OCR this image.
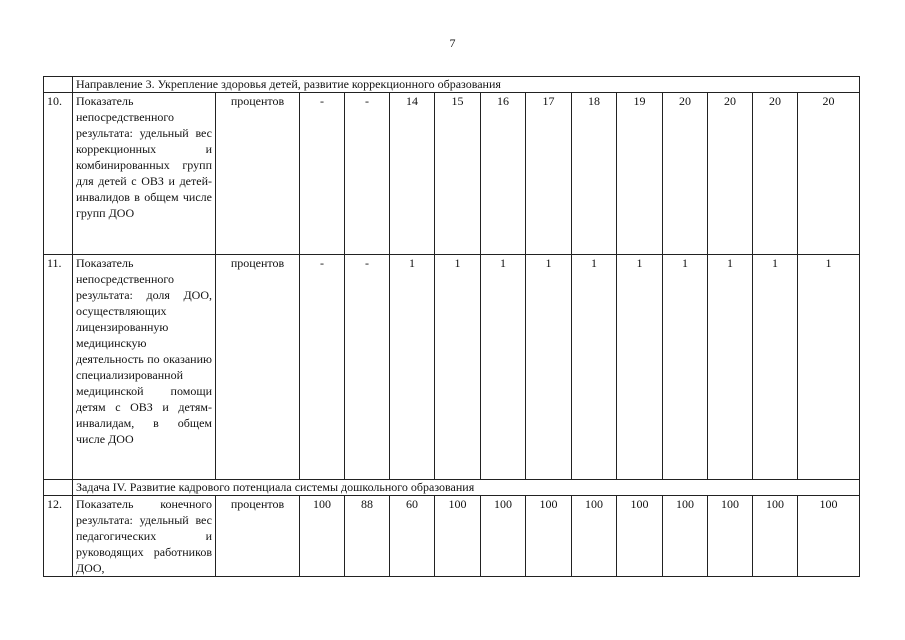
7
	Направление 3. Укрепление здоровья детей, развитие коррекционного образования													
10.	Показатель непосредственного результата: удельный вес коррекционных и комбинированных групп для детей с ОВЗ и детей-инвалидов в общем числе групп ДОО	процентов	-	-	14	15	16	17	18	19	20	20	20	20
11.	Показатель непосредственного результата: доля ДОО, осуществляющих лицензированную медицинскую деятельность по оказанию специализированной медицинской помощи детям с ОВЗ и детям-инвалидам, в общем числе ДОО	процентов	-	-	1	1	1	1	1	1	1	1	1	1
	Задача IV. Развитие кадрового потенциала системы дошкольного образования													
12.	Показатель конечного результата: удельный вес педагогических и руководящих работников ДОО,	процентов	100	88	60	100	100	100	100	100	100	100	100	100
